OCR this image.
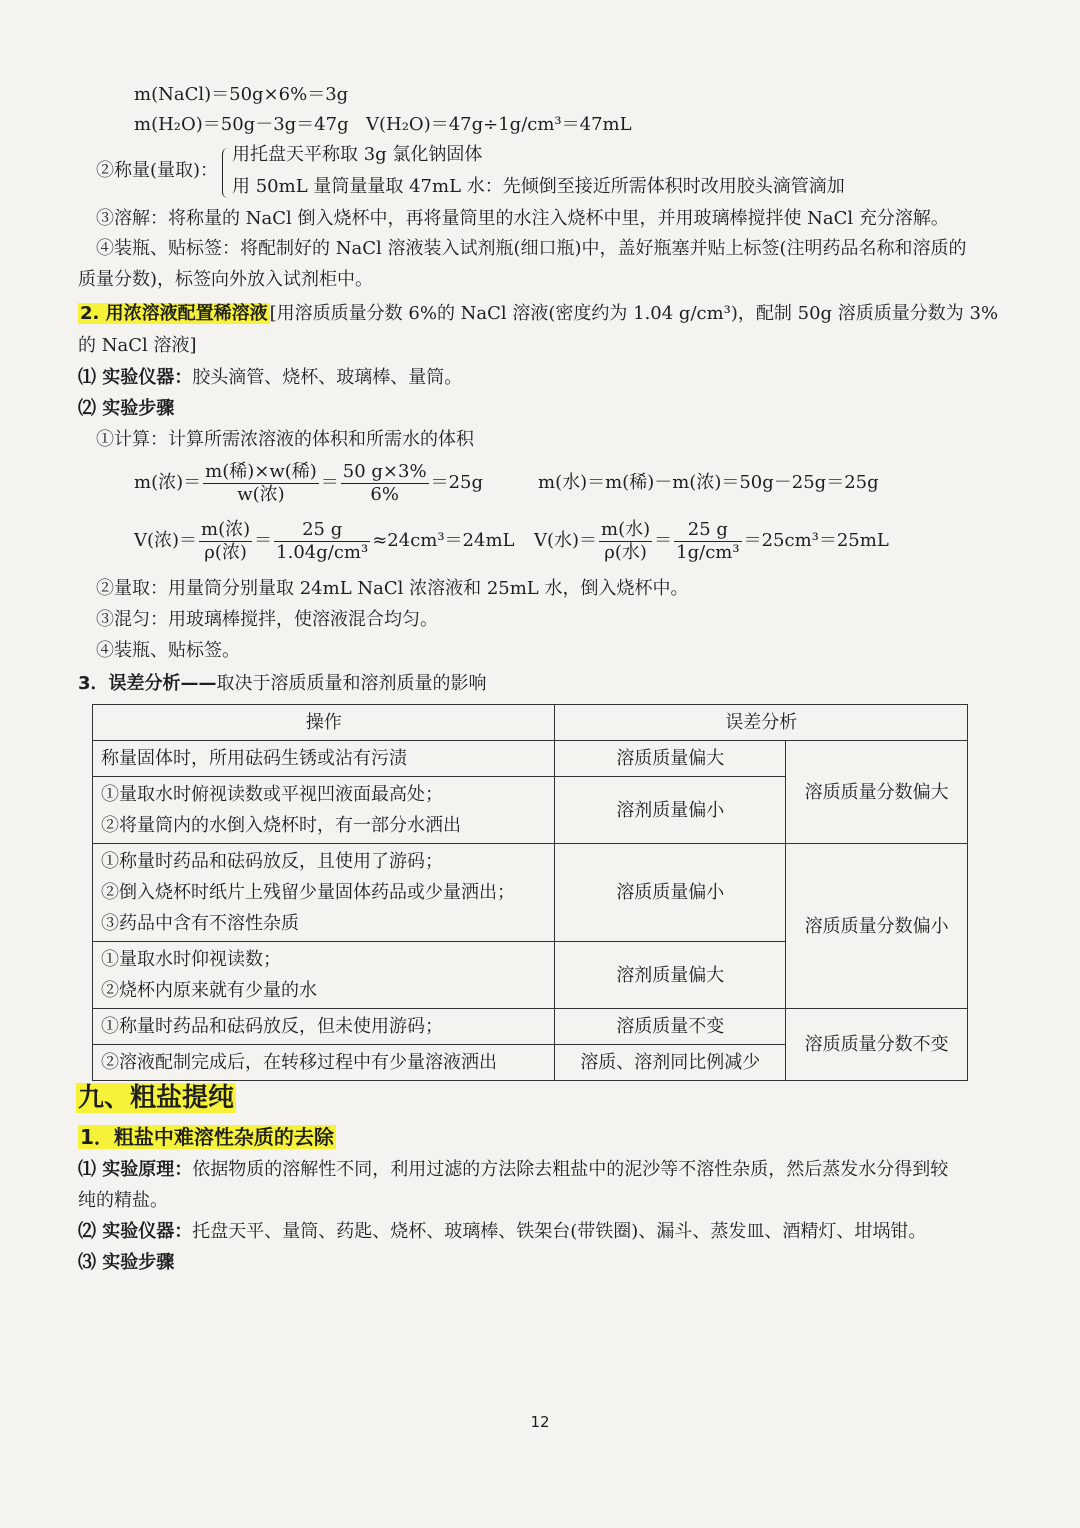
m(NaCl)＝50g×6%＝3g
m(H₂O)＝50g－3g＝47g V(H₂O)＝47g÷1g/cm³＝47mL
②称量(量取)：
用托盘天平称取 3g 氯化钠固体
用 50mL 量筒量量取 47mL 水：先倾倒至接近所需体积时改用胶头滴管滴加
③溶解：将称量的 NaCl 倒入烧杯中，再将量筒里的水注入烧杯中里，并用玻璃棒搅拌使 NaCl 充分溶解。
④装瓶、贴标签：将配制好的 NaCl 溶液装入试剂瓶(细口瓶)中，盖好瓶塞并贴上标签(注明药品名称和溶质的
质量分数)，标签向外放入试剂柜中。
2. 用浓溶液配置稀溶液 [用溶质质量分数 6%的 NaCl 溶液(密度约为 1.04 g/cm³)，配制 50g 溶质质量分数为 3%
的 NaCl 溶液]
⑴ 实验仪器：胶头滴管、烧杯、玻璃棒、量筒。
⑵ 实验步骤
①计算：计算所需浓溶液的体积和所需水的体积
m(浓)＝ $\frac{\text{m(稀)×w(稀)}}{\text{w(浓)}} = \frac{50 g\times 3\%}{6\%} =25g$	m(水)＝m(稀)－m(浓)＝50g－25g＝25g
V(浓)＝ $\frac{\text{m(浓)}}{\text{ρ(浓)}} = \frac{25 g}{\text{1.04g/cm³}} \approx 24cm^3=24mL$ V(水)＝ $\frac{\text{m(水)}}{\text{ρ(水)}} = \frac{25 g}{\text{1g/cm³}} =25cm^3=25mL$
②量取：用量筒分别量取 24mL NaCl 浓溶液和 25mL 水，倒入烧杯中。
③混匀：用玻璃棒搅拌，使溶液混合均匀。
④装瓶、贴标签。
3．误差分析——取决于溶质质量和溶剂质量的影响
操作	误差分析	
称量固体时，所用砝码生锈或沾有污渍	溶质质量偏大	溶质质量分数偏大

①量取水时俯视读数或平视凹液面最高处；
②将量筒内的水倒入烧杯时，有一部分水洒出	溶剂质量偏小	

①称量时药品和砝码放反，且使用了游码；
②倒入烧杯时纸片上残留少量固体药品或少量洒出；
③药品中含有不溶性杂质	溶质质量偏小	溶质质量分数偏小

①量取水时仰视读数；
②烧杯内原来就有少量的水	溶剂质量偏大	
①称量时药品和砝码放反，但未使用游码；	溶质质量不变	溶质质量分数不变
②溶液配制完成后，在转移过程中有少量溶液洒出	溶质、溶剂同比例减少	
九、粗盐提纯
1．粗盐中难溶性杂质的去除
⑴ 实验原理：依据物质的溶解性不同，利用过滤的方法除去粗盐中的泥沙等不溶性杂质，然后蒸发水分得到较
纯的精盐。
⑵ 实验仪器：托盘天平、量筒、药匙、烧杯、玻璃棒、铁架台(带铁圈)、漏斗、蒸发皿、酒精灯、坩埚钳。
⑶ 实验步骤
12
